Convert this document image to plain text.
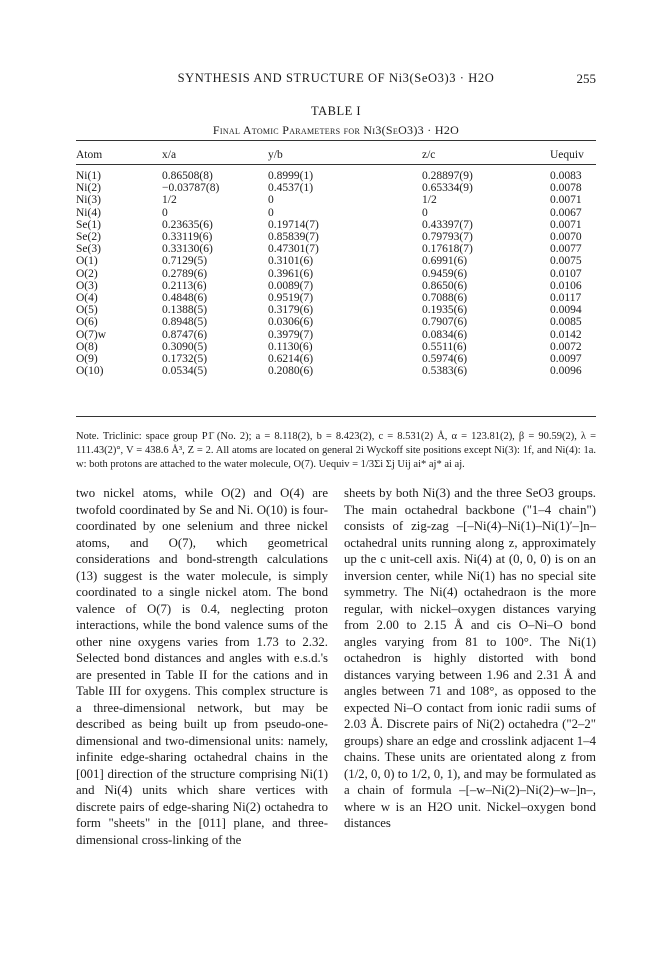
SYNTHESIS AND STRUCTURE OF Ni3(SeO3)3 · H2O	255
TABLE I
Final Atomic Parameters for Ni3(SeO3)3 · H2O
Atom	x/a	y/b	z/c	Uequiv
Ni(1)	0.86508(8)	0.8999(1)	0.28897(9)	0.0083
Ni(2)	−0.03787(8)	0.4537(1)	0.65334(9)	0.0078
Ni(3)	1/2	0	1/2	0.0071
Ni(4)	0	0	0	0.0067
Se(1)	0.23635(6)	0.19714(7)	0.43397(7)	0.0071
Se(2)	0.33119(6)	0.85839(7)	0.79793(7)	0.0070
Se(3)	0.33130(6)	0.47301(7)	0.17618(7)	0.0077
O(1)	0.7129(5)	0.3101(6)	0.6991(6)	0.0075
O(2)	0.2789(6)	0.3961(6)	0.9459(6)	0.0107
O(3)	0.2113(6)	0.0089(7)	0.8650(6)	0.0106
O(4)	0.4848(6)	0.9519(7)	0.7088(6)	0.0117
O(5)	0.1388(5)	0.3179(6)	0.1935(6)	0.0094
O(6)	0.8948(5)	0.0306(6)	0.7907(6)	0.0085
O(7)w	0.8747(6)	0.3979(7)	0.0834(6)	0.0142
O(8)	0.3090(5)	0.1130(6)	0.5511(6)	0.0072
O(9)	0.1732(5)	0.6214(6)	0.5974(6)	0.0097
O(10)	0.0534(5)	0.2080(6)	0.5383(6)	0.0096
Note. Triclinic: space group P1̄ (No. 2); a = 8.118(2), b = 8.423(2), c = 8.531(2) Å, α = 123.81(2), β = 90.59(2), λ = 111.43(2)°, V = 438.6 Å³, Z = 2. All atoms are located on general 2i Wyckoff site positions except Ni(3): 1f, and Ni(4): 1a. w: both protons are attached to the water molecule, O(7). Uequiv = 1/3Σi Σj Uij ai* aj* ai aj.

two nickel atoms, while O(2) and O(4) are twofold coordinated by Se and Ni. O(10) is four-coordinated by one selenium and three nickel atoms, and O(7), which geometrical considerations and bond-strength calculations (13) suggest is the water molecule, is simply coordinated to a single nickel atom. The bond valence of O(7) is 0.4, neglecting proton interactions, while the bond valence sums of the other nine oxygens varies from 1.73 to 2.32. Selected bond distances and angles with e.s.d.'s are presented in Table II for the cations and in Table III for oxygens. This complex structure is a three-dimensional network, but may be described as being built up from pseudo-one-dimensional and two-dimensional units: namely, infinite edge-sharing octahedral chains in the [001] direction of the structure comprising Ni(1) and Ni(4) units which share vertices with discrete pairs of edge-sharing Ni(2) octahedra to form "sheets" in the [011] plane, and three-dimensional cross-linking of the

sheets by both Ni(3) and the three SeO3 groups. The main octahedral backbone ("1–4 chain") consists of zig-zag –[–Ni(4)–Ni(1)–Ni(1)′–]n– octahedral units running along z, approximately up the c unit-cell axis. Ni(4) at (0, 0, 0) is on an inversion center, while Ni(1) has no special site symmetry. The Ni(4) octahedraon is the more regular, with nickel–oxygen distances varying from 2.00 to 2.15 Å and cis O–Ni–O bond angles varying from 81 to 100°. The Ni(1) octahedron is highly distorted with bond distances varying between 1.96 and 2.31 Å and angles between 71 and 108°, as opposed to the expected Ni–O contact from ionic radii sums of 2.03 Å. Discrete pairs of Ni(2) octahedra ("2–2" groups) share an edge and crosslink adjacent 1–4 chains. These units are orientated along z from (1/2, 0, 0) to 1/2, 0, 1), and may be formulated as a chain of formula –[–w–Ni(2)–Ni(2)–w–]n–, where w is an H2O unit. Nickel–oxygen bond distances
